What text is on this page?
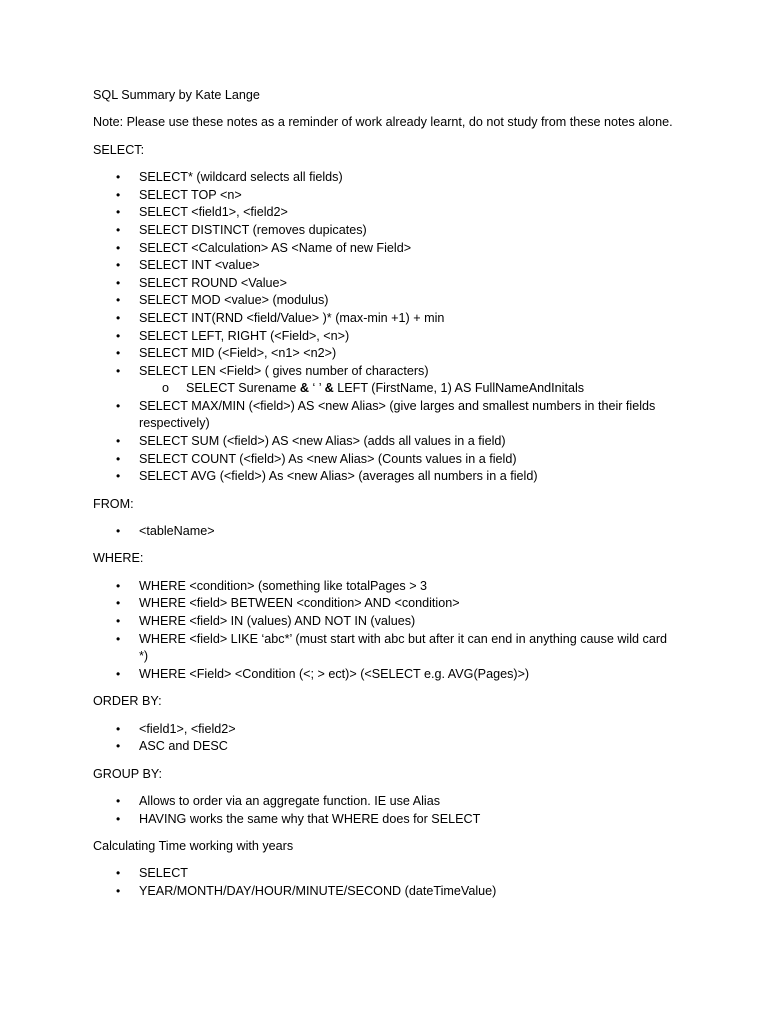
SQL Summary by Kate Lange

Note: Please use these notes as a reminder of work already learnt, do not study from these notes alone.

SELECT:

• SELECT* (wildcard selects all fields)
• SELECT TOP <n>
• SELECT <field1>, <field2>
• SELECT DISTINCT (removes dupicates)
• SELECT <Calculation> AS <Name of new Field>
• SELECT INT <value>
• SELECT ROUND <Value>
• SELECT MOD <value> (modulus)
• SELECT INT(RND <field/Value> )* (max-min +1) + min
• SELECT LEFT, RIGHT (<Field>, <n>)
• SELECT MID (<Field>, <n1> <n2>)
• SELECT LEN <Field> ( gives number of characters)
o SELECT Surename & ‘ ’ & LEFT (FirstName, 1) AS FullNameAndInitals
• SELECT MAX/MIN (<field>) AS <new Alias> (give larges and smallest numbers in their fields respectively)
• SELECT SUM (<field>) AS <new Alias> (adds all values in a field)
• SELECT COUNT (<field>) As <new Alias> (Counts values in a field)
• SELECT AVG (<field>) As <new Alias> (averages all numbers in a field)

FROM:

• <tableName>

WHERE:

• WHERE <condition> (something like totalPages > 3
• WHERE <field> BETWEEN <condition> AND <condition>
• WHERE <field> IN (values) AND NOT IN (values)
• WHERE <field> LIKE ‘abc*’ (must start with abc but after it can end in anything cause wild card *)
• WHERE <Field> <Condition (<; > ect)> (<SELECT e.g. AVG(Pages)>)

ORDER BY:

• <field1>, <field2>
• ASC and DESC

GROUP BY:

• Allows to order via an aggregate function. IE use Alias
• HAVING works the same why that WHERE does for SELECT

Calculating Time working with years

• SELECT
• YEAR/MONTH/DAY/HOUR/MINUTE/SECOND (dateTimeValue)
